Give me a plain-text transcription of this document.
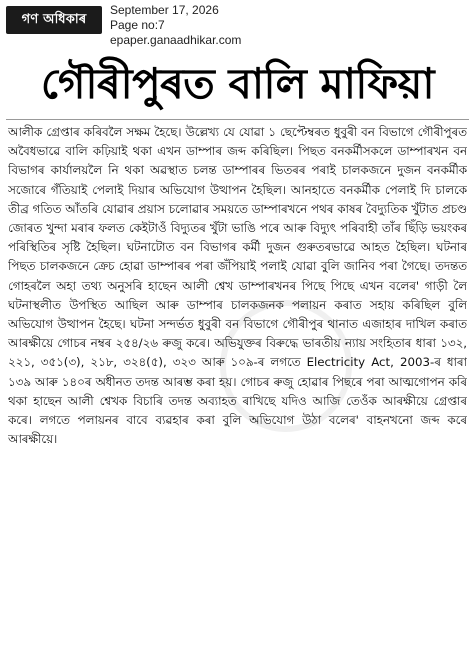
গণ অধিকাৰ
September 17, 2026
Page no:7
epaper.ganaadhikar.com
গৌৰীপুৰত বালি মাফিয়া
আলীক গ্ৰেপ্তাৰ কৰিবলৈ সক্ষম হৈছে। উল্লেখ্য যে যোৱা ১ ছেপ্টেম্বৰত ধুবুৰী বন বিভাগে গৌৰীপুৰত অবৈধভাৱে বালি কঢ়িয়াই থকা এখন ডাম্পাৰ জব্দ কৰিছিল। পিছত বনকৰ্মীসকলে ডাম্পাৰখন বন বিভাগৰ কাৰ্যালয়লৈ নি থকা অৱস্থাত চলন্ত ডাম্পাৰৰ ভিতৰৰ পৰাই চালকজনে দুজন বনকৰ্মীক সজোৰে গঁতিয়াই পেলাই দিয়াৰ অভিযোগ উত্থাপন হৈছিল। আনহাতে বনকৰ্মীক পেলাই দি চালকে তীব্ৰ গতিত আঁতৰি যোৱাৰ প্ৰয়াস চলোৱাৰ সময়তে ডাম্পাৰখনে পথৰ কাষৰ বৈদ্যুতিক খুঁটাত প্ৰচণ্ড জোৰত খুন্দা মৰাৰ ফলত কেইটাওঁ বিদ্যুতৰ খুঁটা ভাঙি পৰে আৰু বিদ্যুৎ পৰিবাহী তাঁৰ ছিঁড়ি ভয়ংকৰ পৰিস্থিতিৰ সৃষ্টি হৈছিল। ঘটনাটোত বন বিভাগৰ কৰ্মী দুজন গুৰুতৰভাৱে আহত হৈছিল। ঘটনাৰ পিছত চালকজনে ক্ৰেচ হোৱা ডাম্পাৰৰ পৰা জঁপিয়াই পলাই যোৱা বুলি জানিব পৰা গৈছে। তদন্তত গোহৰলৈ অহা তথ্য অনুসৰি হাছেন আলী শ্বেখ ডাম্পাৰখনৰ পিছে পিছে এখন বলেৰ' গাড়ী লৈ ঘটনাস্থলীত উপস্থিত আছিল আৰু ডাম্পাৰ চালকজনক পলায়ন কৰাত সহায় কৰিছিল বুলি অভিযোগ উত্থাপন হৈছে। ঘটনা সন্দৰ্ভত ধুবুৰী বন বিভাগে গৌৰীপুৰ থানাত এজাহাৰ দাখিল কৰাত আৰক্ষীয়ে গোচৰ নম্বৰ ২৫৪/২৬ ৰুজু কৰে। অভিযুক্তৰ বিৰুদ্ধে ভাৰতীয় ন্যায় সংহিতাৰ ধাৰা ১৩২, ২২১, ৩৫১(৩), ২১৮, ৩২৪(৫), ৩২৩ আৰু ১০৯-ৰ লগতে Electricity Act, 2003-ৰ ধাৰা ১৩৯ আৰু ১৪০ৰ অধীনত তদন্ত আৰম্ভ কৰা হয়। গোচৰ ৰুজু হোৱাৰ পিছৰে পৰা আত্মগোপন কৰি থকা হাছেন আলী শ্বেখক বিচাৰি তদন্ত অব্যাহত ৰাখিছে যদিও আজি তেওঁক আৰক্ষীয়ে গ্ৰেপ্তাৰ কৰে। লগতে পলায়নৰ বাবে ব্যৱহাৰ কৰা বুলি অভিযোগ উঠা বলেৰ' বাহনখনো জব্দ কৰে আৰক্ষীয়ে।
